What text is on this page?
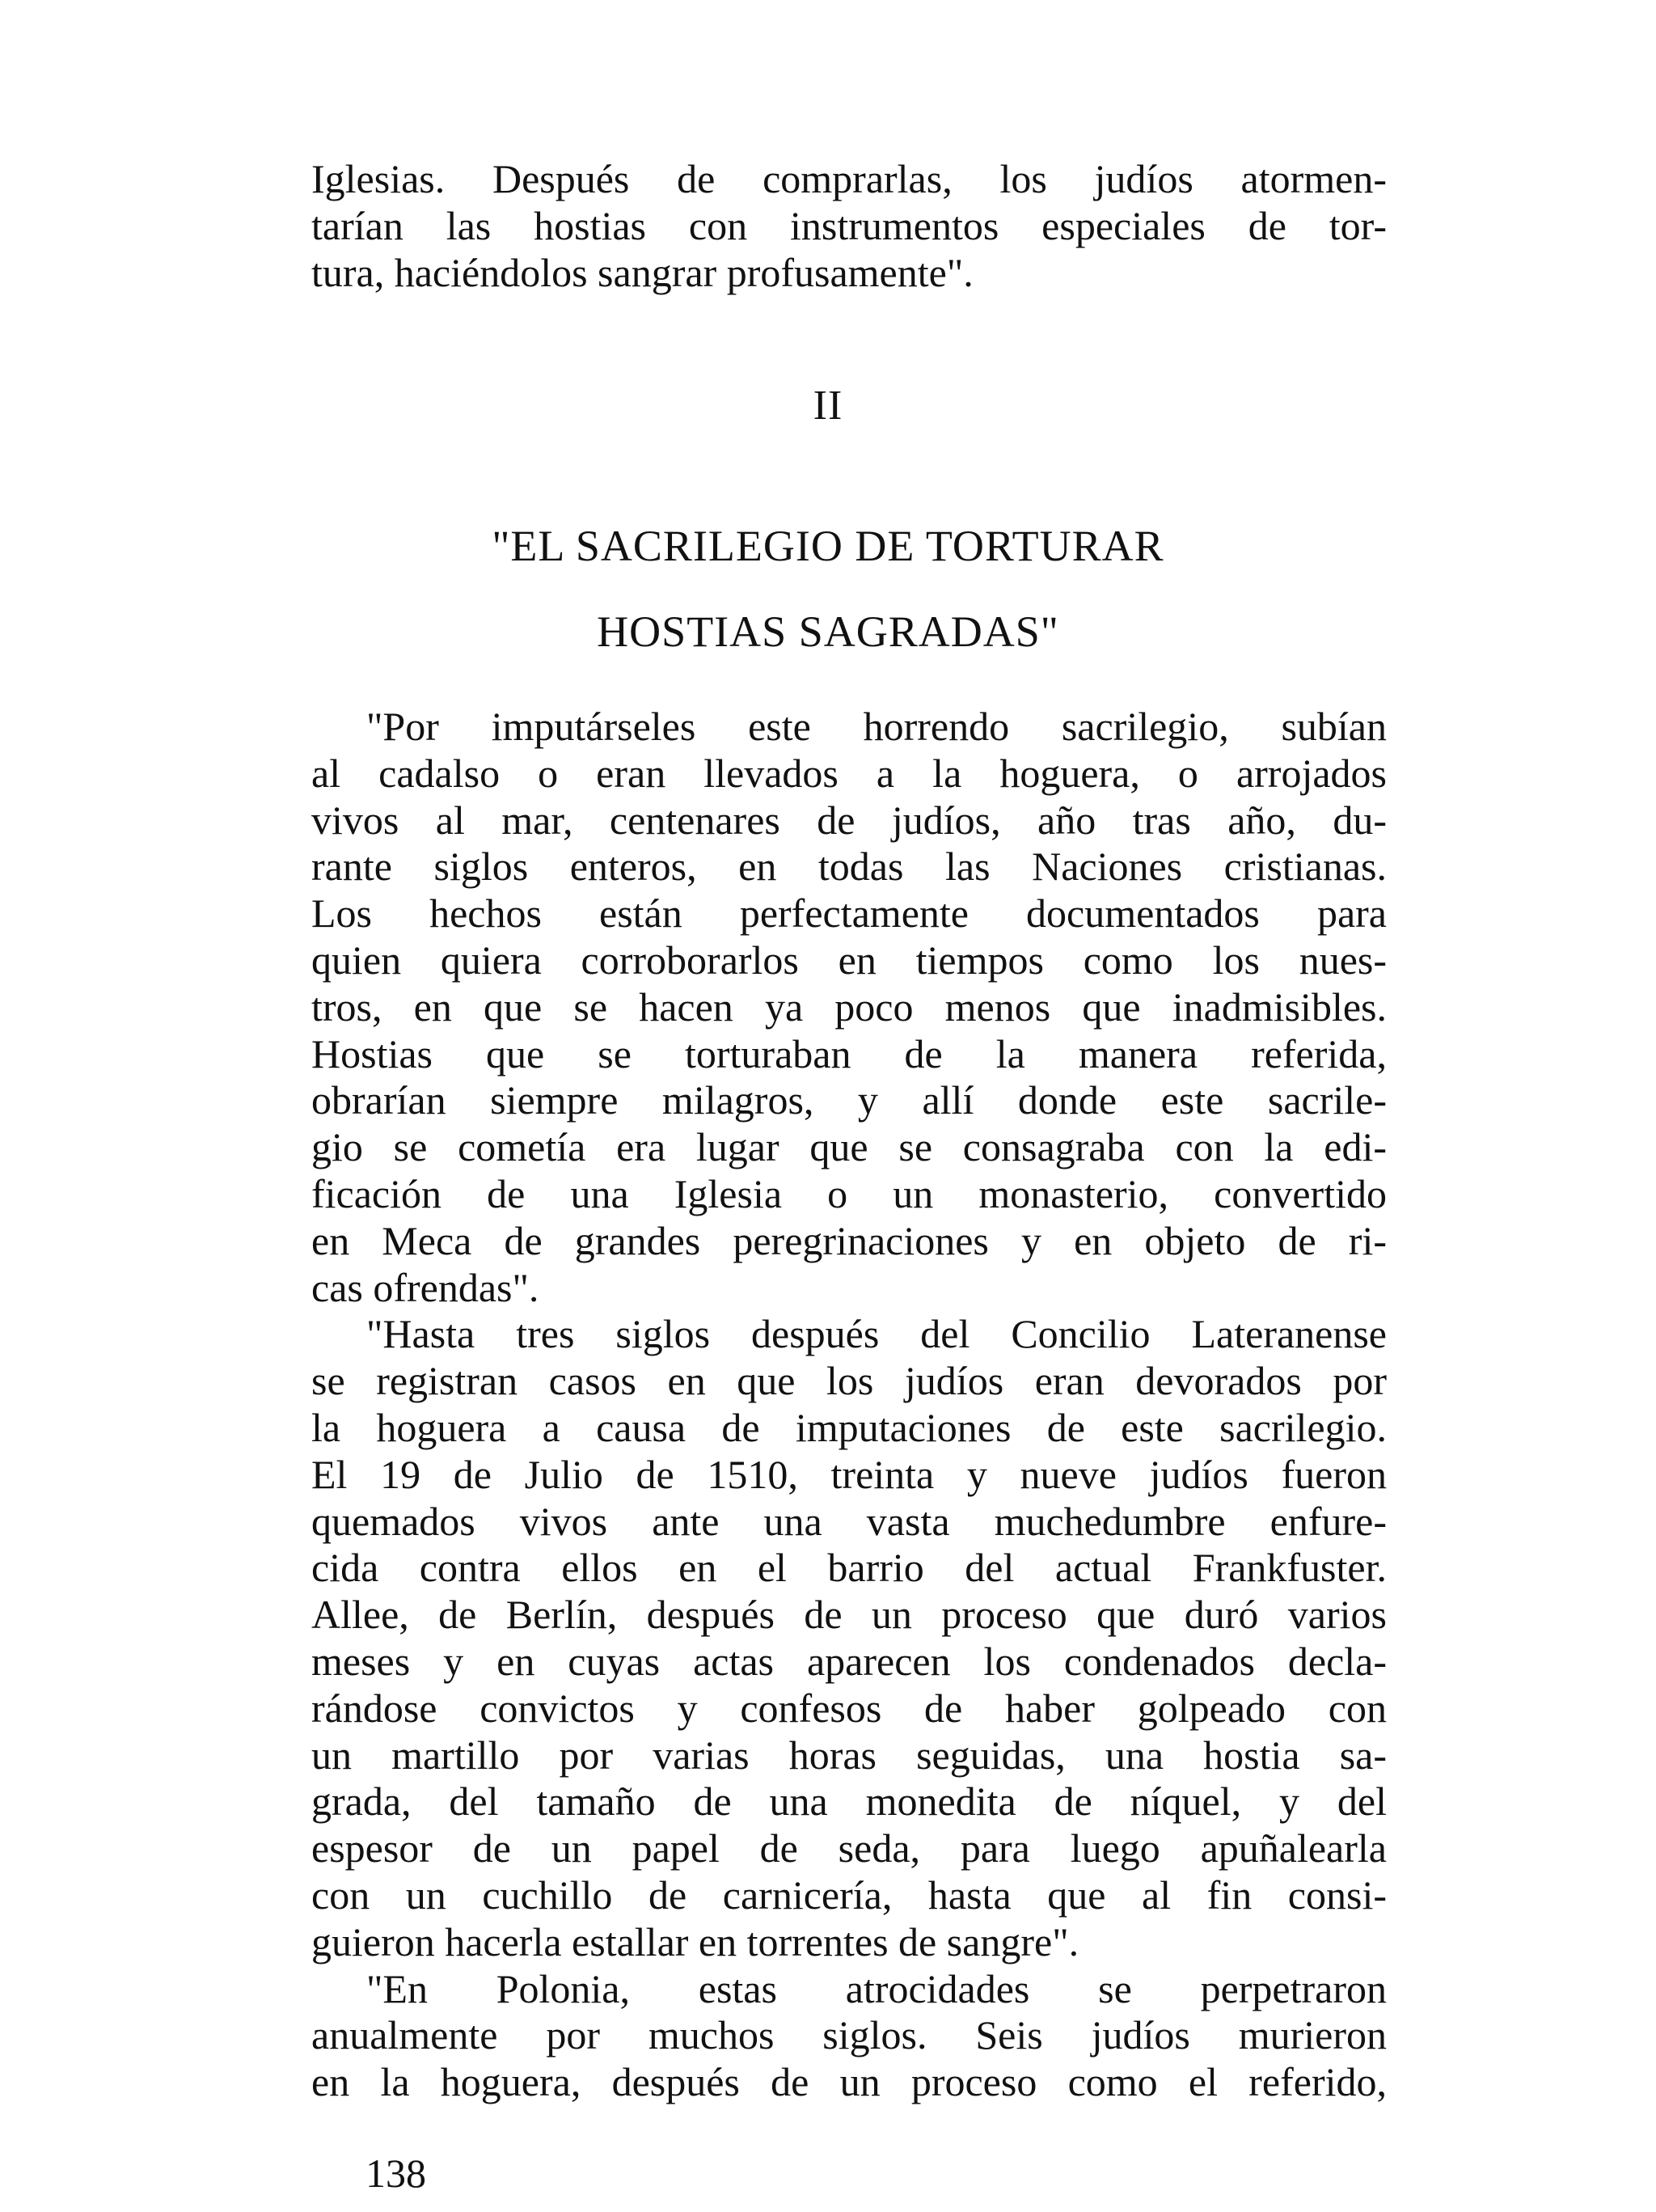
Iglesias. Después de comprarlas, los judíos atormen-
tarían las hostias con instrumentos especiales de tor-
tura, haciéndolos sangrar profusamente".
II
"EL SACRILEGIO DE TORTURAR
HOSTIAS SAGRADAS"
"Por imputárseles este horrendo sacrilegio, subían
al cadalso o eran llevados a la hoguera, o arrojados
vivos al mar, centenares de judíos, año tras año, du-
rante siglos enteros, en todas las Naciones cristianas.
Los hechos están perfectamente documentados para
quien quiera corroborarlos en tiempos como los nues-
tros, en que se hacen ya poco menos que inadmisibles.
Hostias que se torturaban de la manera referida,
obrarían siempre milagros, y allí donde este sacrile-
gio se cometía era lugar que se consagraba con la edi-
ficación de una Iglesia o un monasterio, convertido
en Meca de grandes peregrinaciones y en objeto de ri-
cas ofrendas".
"Hasta tres siglos después del Concilio Lateranense
se registran casos en que los judíos eran devorados por
la hoguera a causa de imputaciones de este sacrilegio.
El 19 de Julio de 1510, treinta y nueve judíos fueron
quemados vivos ante una vasta muchedumbre enfure-
cida contra ellos en el barrio del actual Frankfuster.
Allee, de Berlín, después de un proceso que duró varios
meses y en cuyas actas aparecen los condenados decla-
rándose convictos y confesos de haber golpeado con
un martillo por varias horas seguidas, una hostia sa-
grada, del tamaño de una monedita de níquel, y del
espesor de un papel de seda, para luego apuñalearla
con un cuchillo de carnicería, hasta que al fin consi-
guieron hacerla estallar en torrentes de sangre".
"En Polonia, estas atrocidades se perpetraron
anualmente por muchos siglos. Seis judíos murieron
en la hoguera, después de un proceso como el referido,
138
